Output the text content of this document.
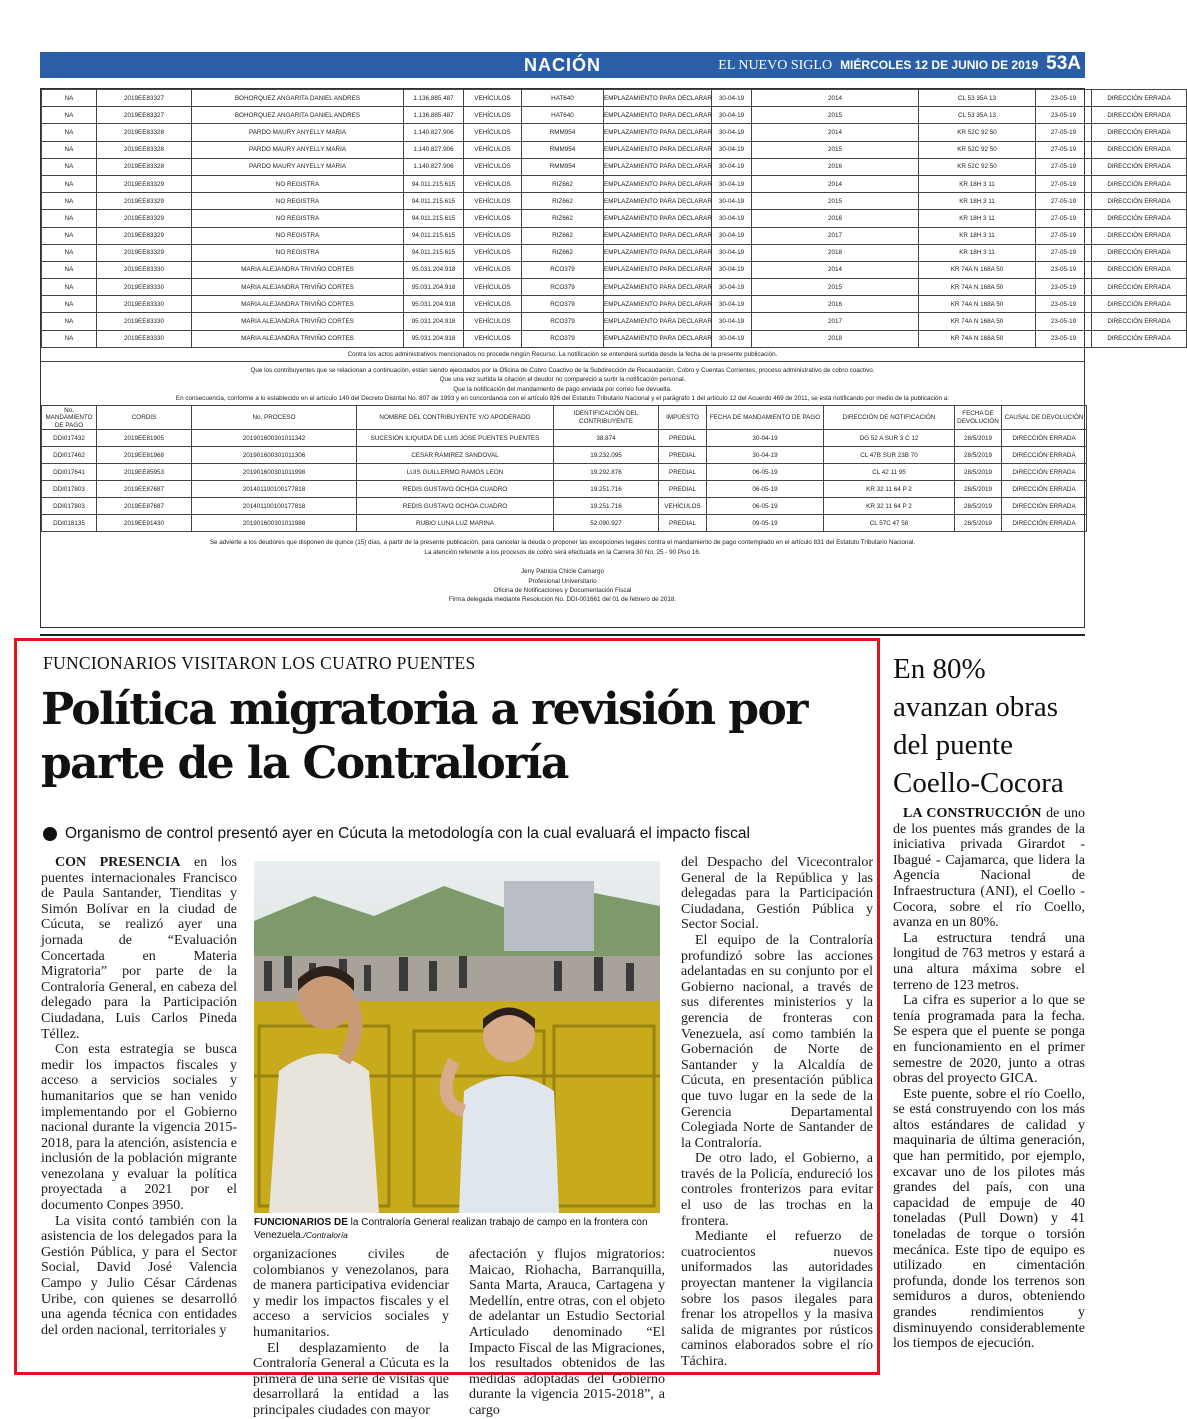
NACIÓN	EL NUEVO SIGLO MIÉRCOLES 12 DE JUNIO DE 2019 53A
NA	2019EE83327	BOHORQUEZ ANGARITA DANIEL ANDRES	1.136.885.487	VEHÍCULOS	HAT640	EMPLAZAMIENTO PARA DECLARAR	30-04-19	2014	CL 53 35A 13	23-05-19	DIRECCIÓN ERRADA
NA	2019EE83327	BOHORQUEZ ANGARITA DANIEL ANDRES	1.136.885.487	VEHÍCULOS	HAT640	EMPLAZAMIENTO PARA DECLARAR	30-04-19	2015	CL 53 35A 13	23-05-19	DIRECCIÓN ERRADA
NA	2019EE83328	PARDO MAURY ANYELLY MARIA	1.140.827.906	VEHÍCULOS	RMM954	EMPLAZAMIENTO PARA DECLARAR	30-04-19	2014	KR 52C 92 50	27-05-19	DIRECCIÓN ERRADA
NA	2019EE83328	PARDO MAURY ANYELLY MARIA	1.140.827.906	VEHÍCULOS	RMM954	EMPLAZAMIENTO PARA DECLARAR	30-04-19	2015	KR 52C 92 50	27-05-19	DIRECCIÓN ERRADA
NA	2019EE83328	PARDO MAURY ANYELLY MARIA	1.140.827.906	VEHÍCULOS	RMM954	EMPLAZAMIENTO PARA DECLARAR	30-04-19	2016	KR 52C 92 50	27-05-19	DIRECCIÓN ERRADA
NA	2019EE83329	NO REGISTRA	94.011.215.615	VEHÍCULOS	RIZ662	EMPLAZAMIENTO PARA DECLARAR	30-04-19	2014	KR 18H 3 11	27-05-19	DIRECCIÓN ERRADA
NA	2019EE83329	NO REGISTRA	94.011.215.615	VEHÍCULOS	RIZ662	EMPLAZAMIENTO PARA DECLARAR	30-04-19	2015	KR 18H 3 11	27-05-19	DIRECCIÓN ERRADA
NA	2019EE83329	NO REGISTRA	94.011.215.615	VEHÍCULOS	RIZ662	EMPLAZAMIENTO PARA DECLARAR	30-04-19	2016	KR 18H 3 11	27-05-19	DIRECCIÓN ERRADA
NA	2019EE83329	NO REGISTRA	94.011.215.615	VEHÍCULOS	RIZ662	EMPLAZAMIENTO PARA DECLARAR	30-04-19	2017	KR 18H 3 11	27-05-19	DIRECCIÓN ERRADA
NA	2019EE83329	NO REGISTRA	94.011.215.615	VEHÍCULOS	RIZ662	EMPLAZAMIENTO PARA DECLARAR	30-04-19	2018	KR 18H 3 11	27-05-19	DIRECCIÓN ERRADA
NA	2019EE83330	MARIA ALEJANDRA TRIVIÑO CORTES	95.031.204.918	VEHÍCULOS	RCO379	EMPLAZAMIENTO PARA DECLARAR	30-04-19	2014	KR 74A N 168A 50	23-05-19	DIRECCIÓN ERRADA
NA	2019EE83330	MARIA ALEJANDRA TRIVIÑO CORTES	95.031.204.918	VEHÍCULOS	RCO379	EMPLAZAMIENTO PARA DECLARAR	30-04-19	2015	KR 74A N 168A 50	23-05-19	DIRECCIÓN ERRADA
NA	2019EE83330	MARIA ALEJANDRA TRIVIÑO CORTES	95.031.204.918	VEHÍCULOS	RCO379	EMPLAZAMIENTO PARA DECLARAR	30-04-19	2016	KR 74A N 168A 50	23-05-19	DIRECCIÓN ERRADA
NA	2019EE83330	MARIA ALEJANDRA TRIVIÑO CORTES	95.031.204.918	VEHÍCULOS	RCO379	EMPLAZAMIENTO PARA DECLARAR	30-04-19	2017	KR 74A N 168A 50	23-05-19	DIRECCIÓN ERRADA
NA	2019EE83330	MARIA ALEJANDRA TRIVIÑO CORTES	95.031.204.918	VEHÍCULOS	RCO379	EMPLAZAMIENTO PARA DECLARAR	30-04-19	2018	KR 74A N 168A 50	23-05-19	DIRECCIÓN ERRADA
Contra los actos administrativos mencionados no procede ningún Recurso. La notificación se entenderá surtida desde la fecha de la presente publicación.
Que los contribuyentes que se relacionan a continuación, están siendo ejecutados por la Oficina de Cobro Coactivo de la Subdirección de Recaudación, Cobro y Cuentas Corrientes, proceso administrativo de cobro coactivo.
Que una vez surtida la citación el deudor no compareció a surtir la notificación personal.
Que la notificación del mandamiento de pago enviada por correo fue devuelta.
En consecuencia, conforme a lo establecido en el artículo 140 del Decreto Distrital No. 807 de 1993 y en concordancia con el artículo 826 del Estatuto Tributario Nacional y el parágrafo 1 del artículo 12 del Acuerdo 469 de 2011, se está notificando por medio de la publicación a:
No. MANDAMIENTO DE PAGO	CORDIS	No. PROCESO	NOMBRE DEL CONTRIBUYENTE Y/O APODERADO	IDENTIFICACIÓN DEL CONTRIBUYENTE	IMPUESTO	FECHA DE MANDAMIENTO DE PAGO	DIRECCIÓN DE NOTIFICACIÓN	FECHA DE DEVOLUCIÓN	CAUSAL DE DEVOLUCIÓN
DDI017432	2019EE81905	201901600301011342	SUCESION ILIQUIDA DE LUIS JOSE PUENTES PUENTES	38.874	PREDIAL	30-04-19	DG 52 A SUR 3 C 12	28/5/2019	DIRECCIÓN ERRADA
DDI017462	2019EE81968	201901600301011306	CESAR RAMIREZ SANDOVAL	19.232.095	PREDIAL	30-04-19	CL 47B SUR 23B 70	28/5/2019	DIRECCIÓN ERRADA
DDI017641	2019EE85953	201901600301011998	LUIS GUILLERMO RAMOS LEON	19.292.876	PREDIAL	06-05-19	CL 42 11 95	28/5/2019	DIRECCIÓN ERRADA
DDI017803	2019EE87687	201401100100177818	REDIS GUSTAVO OCHOA CUADRO	19.251.716	PREDIAL	06-05-19	KR 32 11 64 P 2	28/5/2019	DIRECCIÓN ERRADA
DDI017803	2019EE87687	201401100100177818	REDIS GUSTAVO OCHOA CUADRO	19.251.716	VEHÍCULOS	06-05-19	KR 32 11 64 P 2	28/5/2019	DIRECCIÓN ERRADA
DDI018135	2019EE91430	201901600301011988	RUBIO LUNA LUZ MARINA	52.090.927	PREDIAL	09-05-19	CL 57C 47 58	28/5/2019	DIRECCIÓN ERRADA
Se advierte a los deudores que disponen de quince (15) días, a partir de la presente publicación, para cancelar la deuda o proponer las excepciones legales contra el mandamiento de pago contemplado en el artículo 831 del Estatuto Tributario Nacional.
La atención referente a los procesos de cobro será efectuada en la Carrera 30 No. 25 - 90 Piso 16.
Jeny Patricia Chicle Camargo
Profesional Universitario
Oficina de Notificaciones y Documentación Fiscal
Firma delegada mediante Resolución No. DDI-001661 del 01 de febrero de 2018.
FUNCIONARIOS VISITARON LOS CUATRO PUENTES
Política migratoria a revisión por parte de la Contraloría
Organismo de control presentó ayer en Cúcuta la metodología con la cual evaluará el impacto fiscal

CON PRESENCIA en los puentes internacionales Francisco de Paula Santander, Tienditas y Simón Bolívar en la ciudad de Cúcuta, se realizó ayer una jornada de “Evaluación Concertada en Materia Migratoria” por parte de la Contraloría General, en cabeza del delegado para la Participación Ciudadana, Luis Carlos Pineda Téllez.

Con esta estrategia se busca medir los impactos fiscales y acceso a servicios sociales y humanitarios que se han venido implementando por el Gobierno nacional durante la vigencia 2015-2018, para la atención, asistencia e inclusión de la población migrante venezolana y evaluar la política proyectada a 2021 por el documento Conpes 3950.

La visita contó también con la asistencia de los delegados para la Gestión Pública, y para el Sector Social, David José Valencia Campo y Julio César Cárdenas Uribe, con quienes se desarrolló una agenda técnica con entidades del orden nacional, territoriales y

FUNCIONARIOS DE la Contraloría General realizan trabajo de campo en la frontera con Venezuela./Contraloría

organizaciones civiles de colombianos y venezolanos, para de manera participativa evidenciar y medir los impactos fiscales y el acceso a servicios sociales y humanitarios.

El desplazamiento de la Contraloría General a Cúcuta es la primera de una serie de visitas que desarrollará la entidad a las principales ciudades con mayor

afectación y flujos migratorios: Maicao, Riohacha, Barranquilla, Santa Marta, Arauca, Cartagena y Medellín, entre otras, con el objeto de adelantar un Estudio Sectorial Articulado denominado “El Impacto Fiscal de las Migraciones, los resultados obtenidos de las medidas adoptadas del Gobierno durante la vigencia 2015-2018”, a cargo

del Despacho del Vicecontralor General de la República y las delegadas para la Participación Ciudadana, Gestión Pública y Sector Social.

El equipo de la Contraloría profundizó sobre las acciones adelantadas en su conjunto por el Gobierno nacional, a través de sus diferentes ministerios y la gerencia de fronteras con Venezuela, así como también la Gobernación de Norte de Santander y la Alcaldía de Cúcuta, en presentación pública que tuvo lugar en la sede de la Gerencia Departamental Colegiada Norte de Santander de la Contraloría.

De otro lado, el Gobierno, a través de la Policía, endureció los controles fronterizos para evitar el uso de las trochas en la frontera.

Mediante el refuerzo de cuatrocientos nuevos uniformados las autoridades proyectan mantener la vigilancia sobre los pasos ilegales para frenar los atropellos y la masiva salida de migrantes por rústicos caminos elaborados sobre el río Táchira.

En 80% avanzan obras del puente Coello-Cocora

LA CONSTRUCCIÓN de uno de los puentes más grandes de la iniciativa privada Girardot - Ibagué - Cajamarca, que lidera la Agencia Nacional de Infraestructura (ANI), el Coello - Cocora, sobre el río Coello, avanza en un 80%.

La estructura tendrá una longitud de 763 metros y estará a una altura máxima sobre el terreno de 123 metros.

La cifra es superior a lo que se tenía programada para la fecha. Se espera que el puente se ponga en funcionamiento en el primer semestre de 2020, junto a otras obras del proyecto GICA.

Este puente, sobre el río Coello, se está construyendo con los más altos estándares de calidad y maquinaria de última generación, que han permitido, por ejemplo, excavar uno de los pilotes más grandes del país, con una capacidad de empuje de 40 toneladas (Pull Down) y 41 toneladas de torque o torsión mecánica. Este tipo de equipo es utilizado en cimentación profunda, donde los terrenos son semiduros a duros, obteniendo grandes rendimientos y disminuyendo considerablemente los tiempos de ejecución.
